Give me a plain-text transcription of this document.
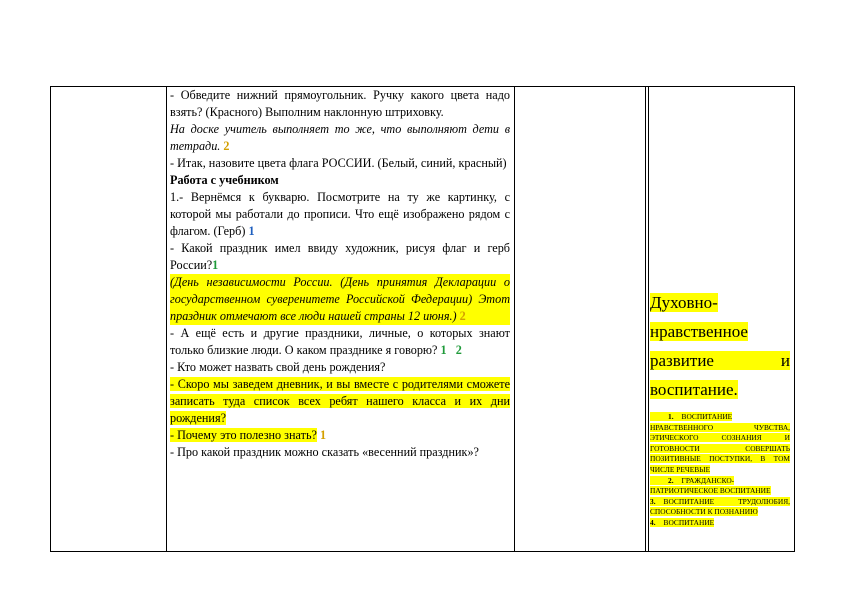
- Обведите нижний прямоугольник. Ручку какого цвета надо взять? (Красного) Выполним наклонную штриховку.

На доске учитель выполняет то же, что выполняют дети в тетради. 2

- Итак, назовите цвета флага РОССИИ. (Белый, синий, красный)

Работа с учебником

1.- Вернёмся к букварю. Посмотрите на ту же картинку, с которой мы работали до прописи. Что ещё изображено рядом с флагом. (Герб) 1

- Какой праздник имел ввиду художник, рисуя флаг и герб России?1

(День независимости России. (День принятия Декларации о государственном суверенитете Российской Федерации) Этот праздник отмечают все люди нашей страны 12 июня.) 2

- А ещё есть и другие праздники, личные, о которых знают только близкие люди. О каком празднике я говорю? 1   2

- Кто может назвать свой день рождения?

- Скоро мы заведем дневник, и вы вместе с родителями сможете записать туда список всех ребят нашего класса и их дни рождения?

- Почему это полезно знать? 1

- Про какой праздник можно сказать «весенний праздник»?

Духовно-нравственное развитие и воспитание.

1. ВОСПИТАНИЕ НРАВСТВЕННОГО ЧУВСТВА, ЭТИЧЕСКОГО СОЗНАНИЯ И ГОТОВНОСТИ СОВЕРШАТЬ ПОЗИТИВНЫЕ ПОСТУПКИ, В ТОМ ЧИСЛЕ РЕЧЕВЫЕ

2. ГРАЖДАНСКО-ПАТРИОТИЧЕСКОЕ ВОСПИТАНИЕ

3. ВОСПИТАНИЕ ТРУДОЛЮБИЯ, СПОСОБНОСТИ К ПОЗНАНИЮ

4. ВОСПИТАНИЕ
